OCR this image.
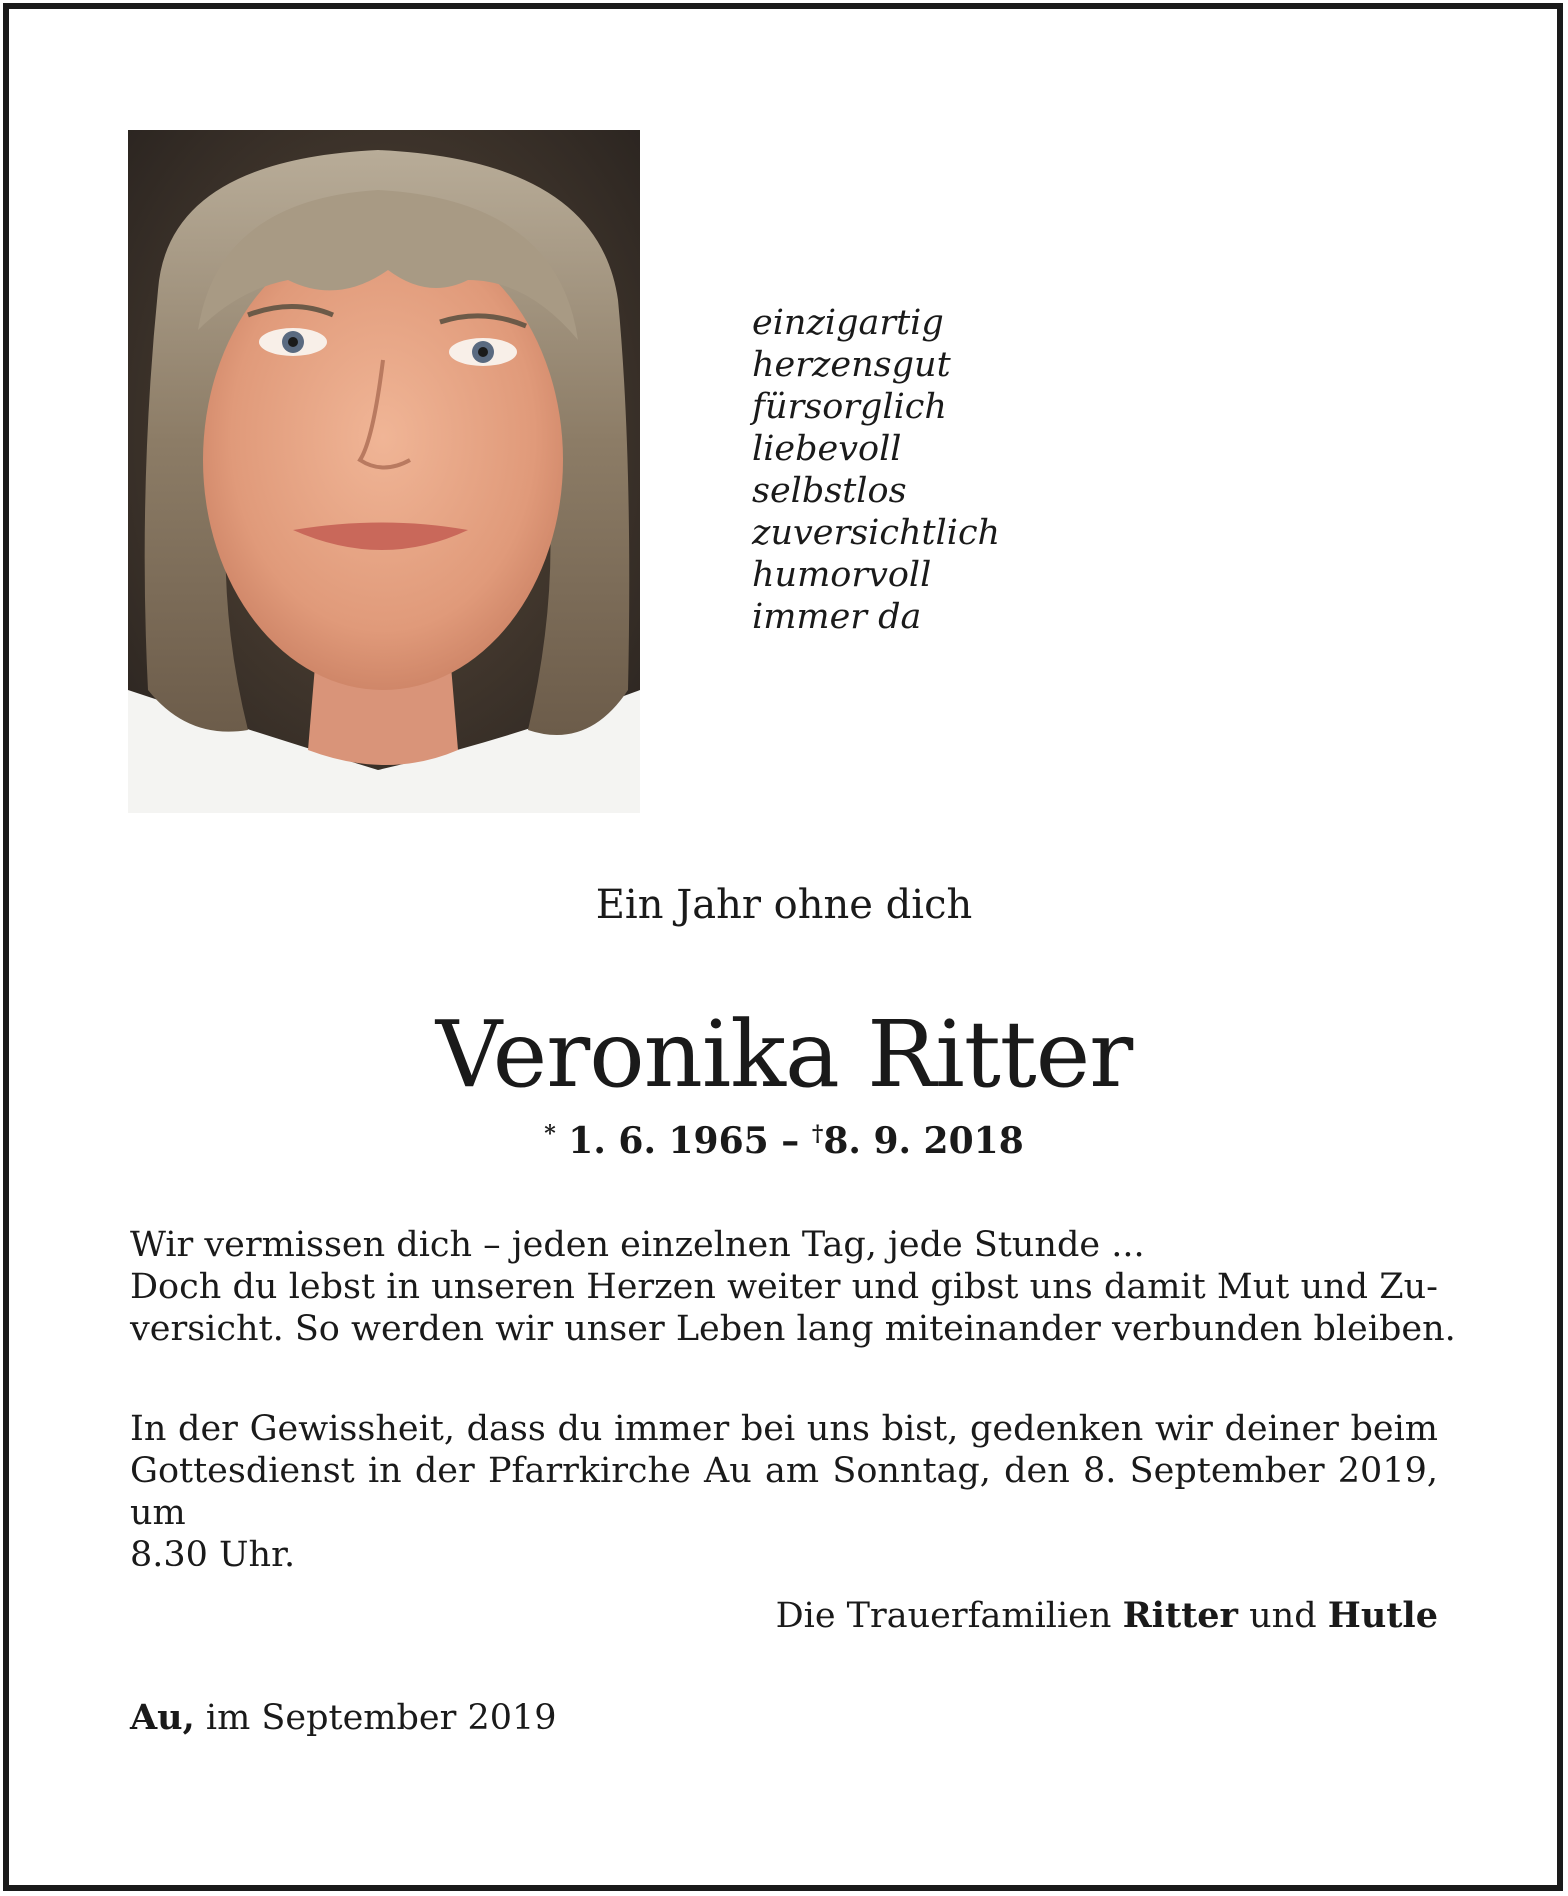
einzigartig
herzensgut
fürsorglich
liebevoll
selbstlos
zuversichtlich
humorvoll
immer da
Ein Jahr ohne dich
Veronika Ritter
* 1. 6. 1965 – †8. 9. 2018
Wir vermissen dich – jeden einzelnen Tag, jede Stunde ...
Doch du lebst in unseren Herzen weiter und gibst uns damit Mut und Zu-
versicht. So werden wir unser Leben lang miteinander verbunden bleiben.
In der Gewissheit, dass du immer bei uns bist, gedenken wir deiner beim
Gottesdienst in der Pfarrkirche Au am Sonntag, den 8. September 2019, um
8.30 Uhr.
Die Trauerfamilien Ritter und Hutle
Au, im September 2019
